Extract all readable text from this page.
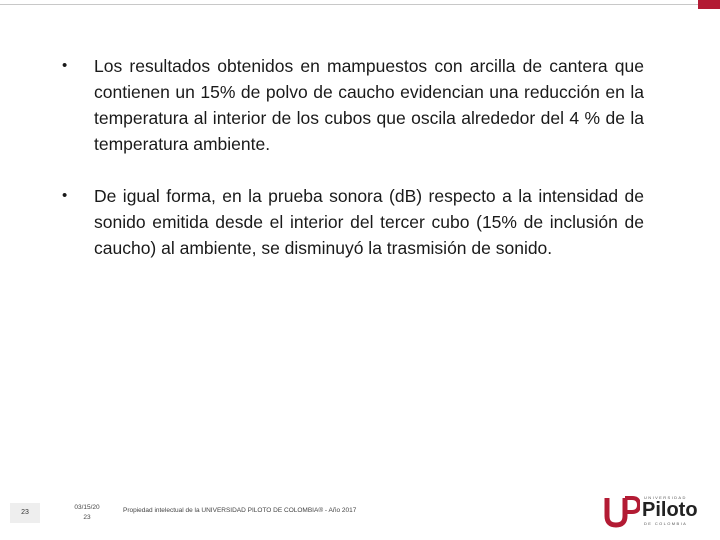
• Los resultados obtenidos en mampuestos con arcilla de cantera que contienen un 15% de polvo de caucho evidencian una reducción en la temperatura al interior de los cubos que oscila alrededor del 4 % de la temperatura ambiente.
• De igual forma, en la prueba sonora (dB) respecto a la intensidad de sonido emitida desde el interior del tercer cubo (15% de inclusión de caucho) al ambiente, se disminuyó la trasmisión de sonido.
23
03/15/20
23
Propiedad intelectual de la UNIVERSIDAD PILOTO DE COLOMBIA® - Año 2017
UNIVERSIDAD
Piloto
DE COLOMBIA
